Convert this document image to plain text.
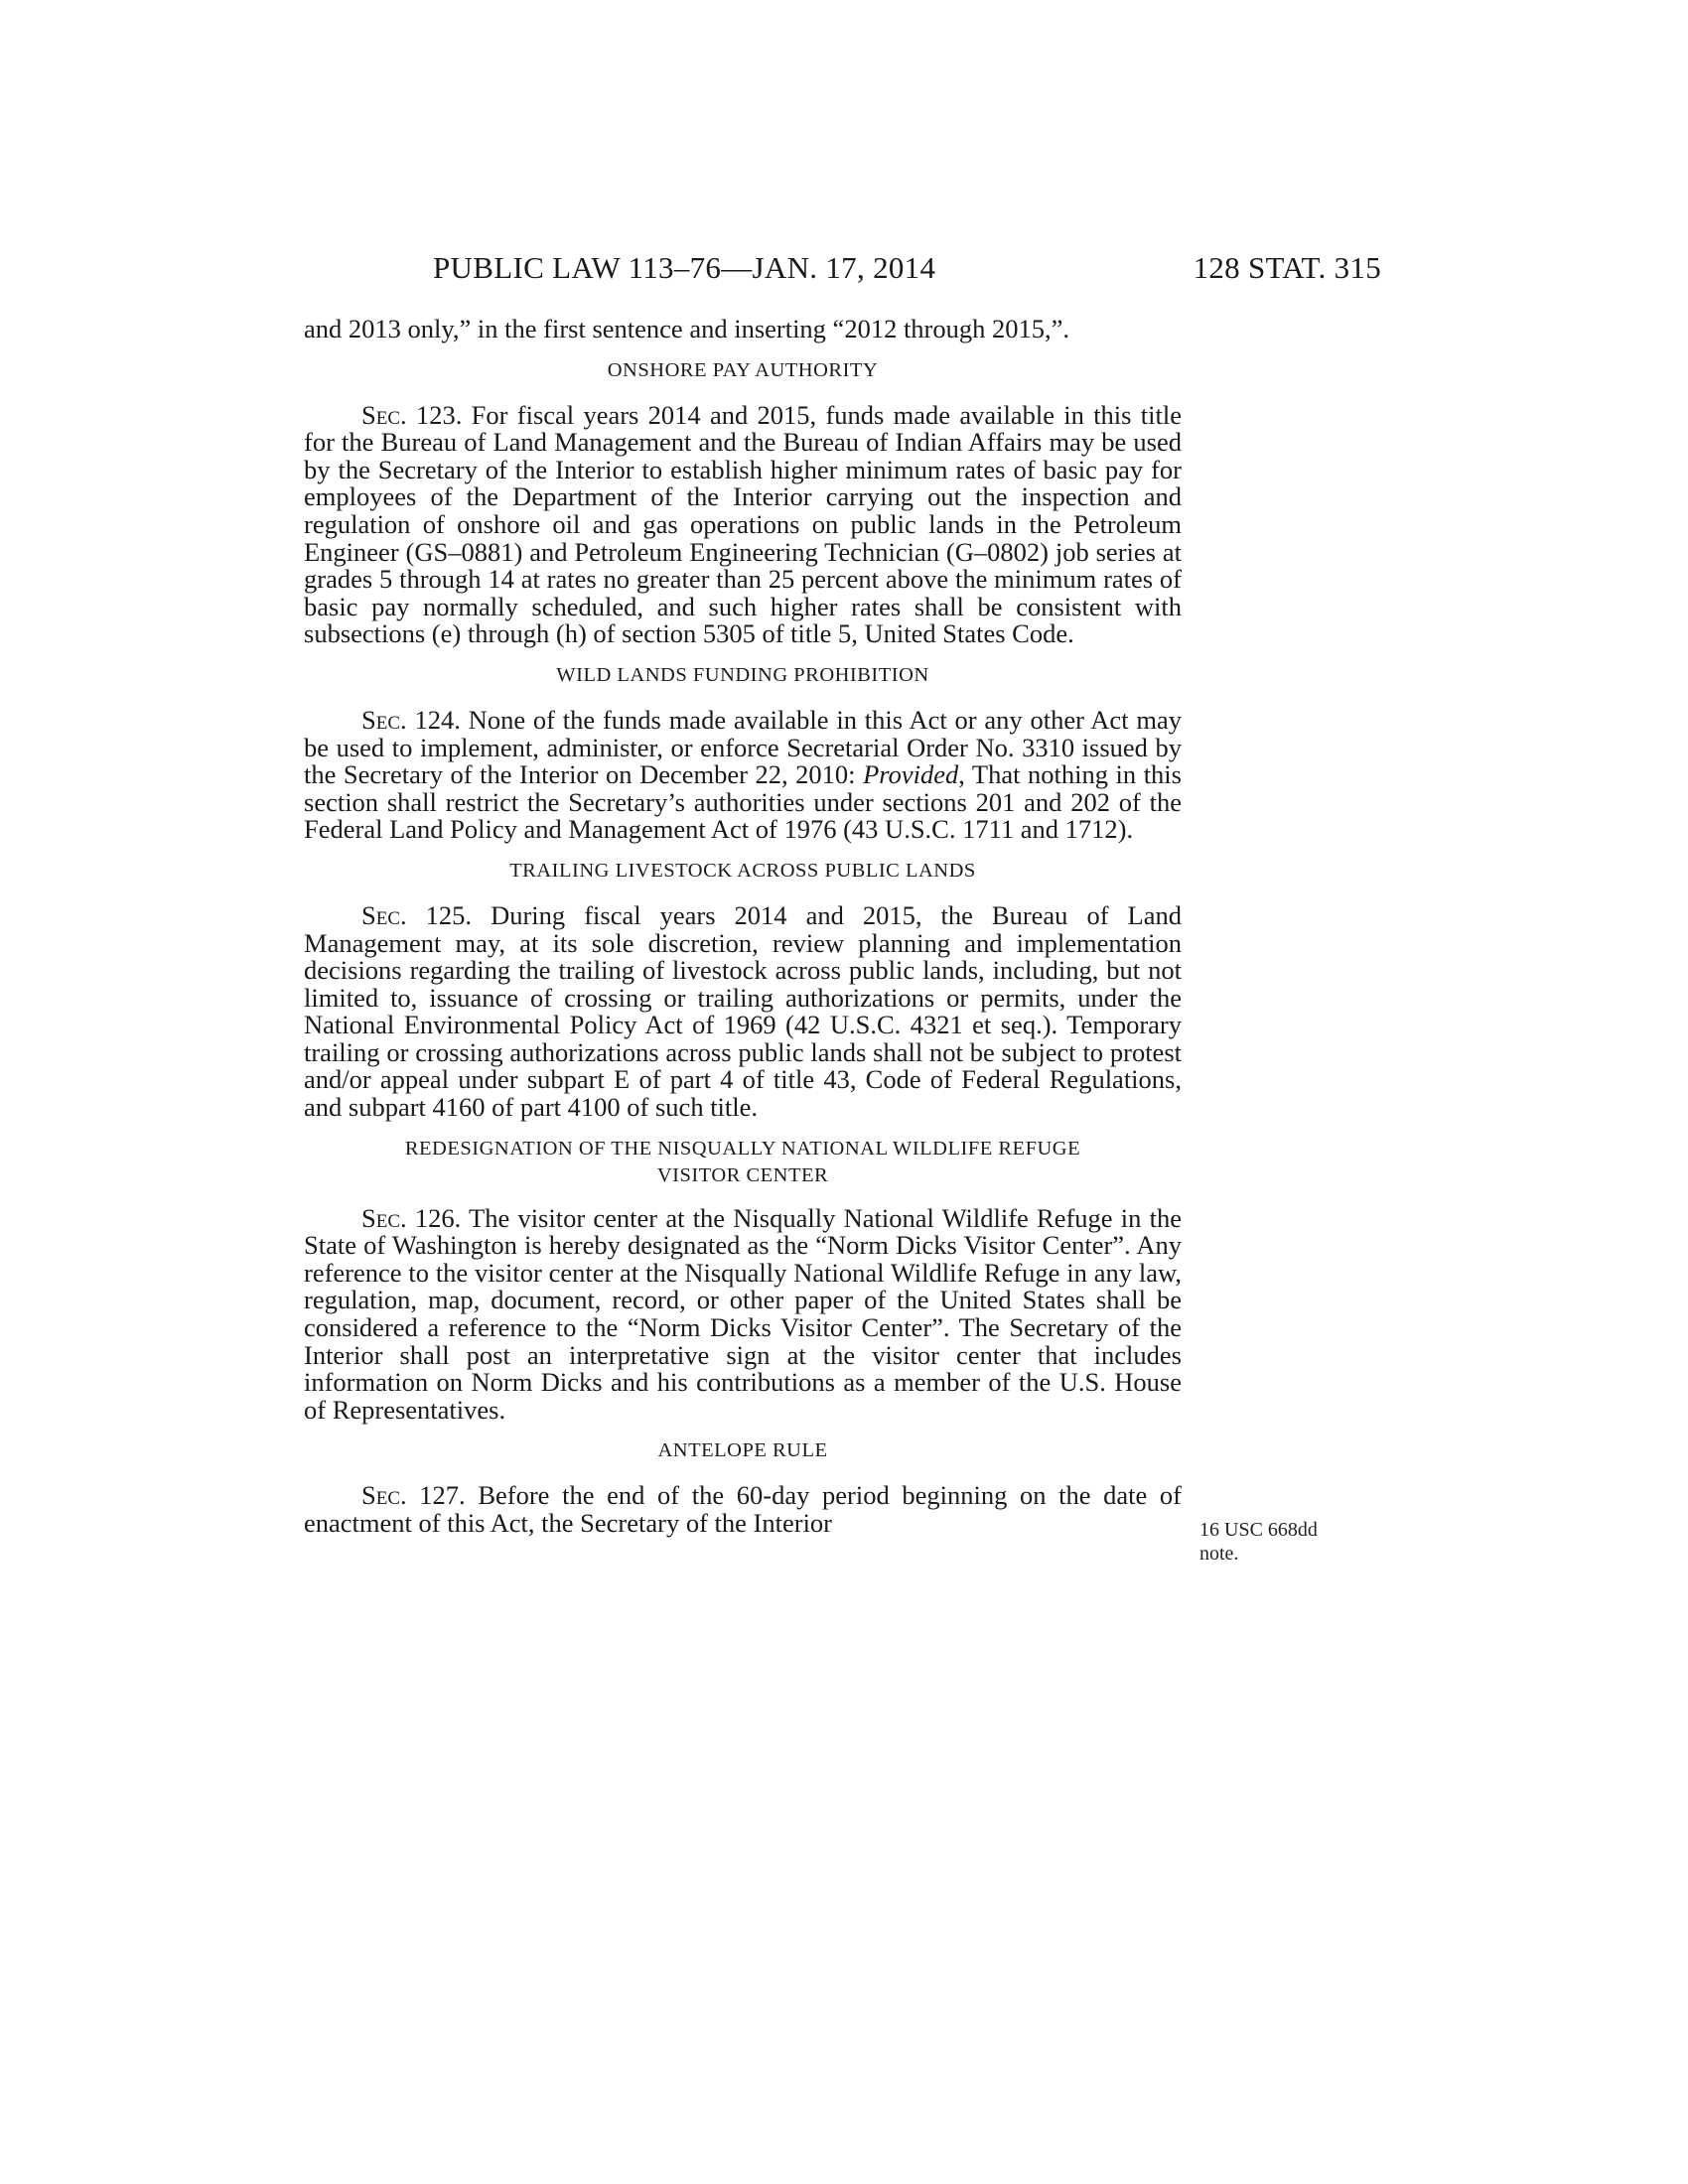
PUBLIC LAW 113–76—JAN. 17, 2014	128 STAT. 315

and 2013 only,” in the first sentence and inserting “2012 through 2015,”.

ONSHORE PAY AUTHORITY

Sec. 123. For fiscal years 2014 and 2015, funds made available in this title for the Bureau of Land Management and the Bureau of Indian Affairs may be used by the Secretary of the Interior to establish higher minimum rates of basic pay for employees of the Department of the Interior carrying out the inspection and regulation of onshore oil and gas operations on public lands in the Petroleum Engineer (GS–0881) and Petroleum Engineering Technician (G–0802) job series at grades 5 through 14 at rates no greater than 25 percent above the minimum rates of basic pay normally scheduled, and such higher rates shall be consistent with subsections (e) through (h) of section 5305 of title 5, United States Code.

WILD LANDS FUNDING PROHIBITION

Sec. 124. None of the funds made available in this Act or any other Act may be used to implement, administer, or enforce Secretarial Order No. 3310 issued by the Secretary of the Interior on December 22, 2010: Provided, That nothing in this section shall restrict the Secretary’s authorities under sections 201 and 202 of the Federal Land Policy and Management Act of 1976 (43 U.S.C. 1711 and 1712).

TRAILING LIVESTOCK ACROSS PUBLIC LANDS

Sec. 125. During fiscal years 2014 and 2015, the Bureau of Land Management may, at its sole discretion, review planning and implementation decisions regarding the trailing of livestock across public lands, including, but not limited to, issuance of crossing or trailing authorizations or permits, under the National Environmental Policy Act of 1969 (42 U.S.C. 4321 et seq.). Temporary trailing or crossing authorizations across public lands shall not be subject to protest and/or appeal under subpart E of part 4 of title 43, Code of Federal Regulations, and subpart 4160 of part 4100 of such title.

REDESIGNATION OF THE NISQUALLY NATIONAL WILDLIFE REFUGE
VISITOR CENTER

Sec. 126. The visitor center at the Nisqually National Wildlife Refuge in the State of Washington is hereby designated as the “Norm Dicks Visitor Center”. Any reference to the visitor center at the Nisqually National Wildlife Refuge in any law, regulation, map, document, record, or other paper of the United States shall be considered a reference to the “Norm Dicks Visitor Center”. The Secretary of the Interior shall post an interpretative sign at the visitor center that includes information on Norm Dicks and his contributions as a member of the U.S. House of Representatives.

ANTELOPE RULE

Sec. 127. Before the end of the 60-day period beginning on the date of enactment of this Act, the Secretary of the Interior	16 USC 668dd note.
